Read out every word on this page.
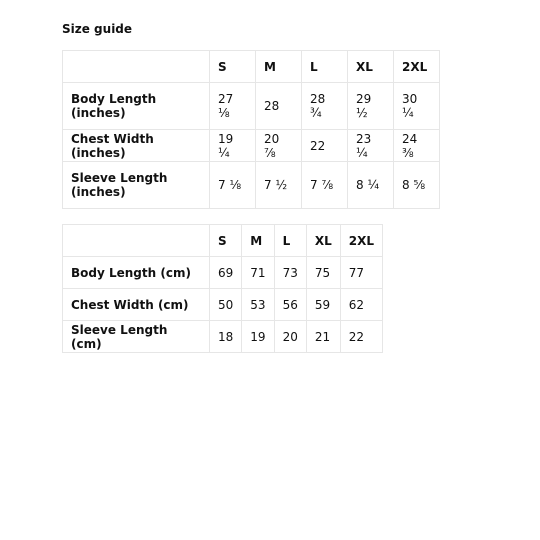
Size guide
	S	M	L	XL	2XL
Body Length (inches)	27 ⅛	28	28 ¾	29 ½	30 ¼
Chest Width (inches)	19 ¼	20 ⅞	22	23 ¼	24 ⅜
Sleeve Length (inches)	7 ⅛	7 ½	7 ⅞	8 ¼	8 ⅝
	S	M	L	XL	2XL
Body Length (cm)	69	71	73	75	77
Chest Width (cm)	50	53	56	59	62
Sleeve Length (cm)	18	19	20	21	22
